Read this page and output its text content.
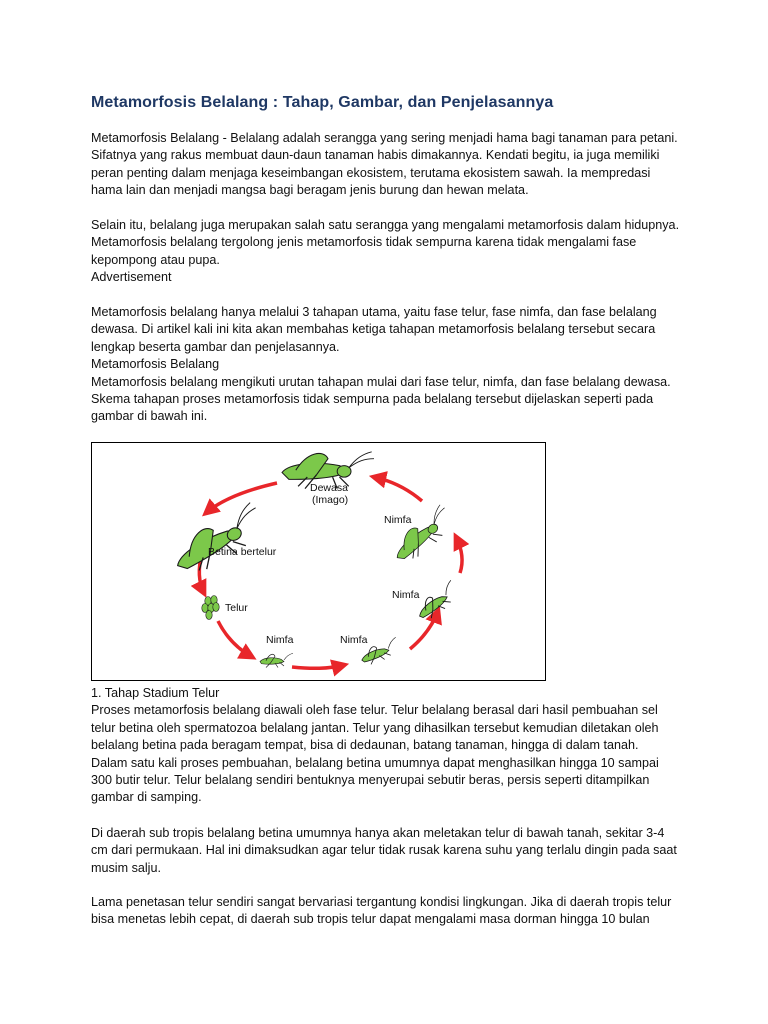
Metamorfosis Belalang : Tahap, Gambar, dan Penjelasannya

Metamorfosis Belalang - Belalang adalah serangga yang sering menjadi hama bagi tanaman para petani.
Sifatnya yang rakus membuat daun-daun tanaman habis dimakannya. Kendati begitu, ia juga memiliki
peran penting dalam menjaga keseimbangan ekosistem, terutama ekosistem sawah. Ia mempredasi
hama lain dan menjadi mangsa bagi beragam jenis burung dan hewan melata.

Selain itu, belalang juga merupakan salah satu serangga yang mengalami metamorfosis dalam hidupnya.
Metamorfosis belalang tergolong jenis metamorfosis tidak sempurna karena tidak mengalami fase
kepompong atau pupa.
Advertisement

Metamorfosis belalang hanya melalui 3 tahapan utama, yaitu fase telur, fase nimfa, dan fase belalang
dewasa. Di artikel kali ini kita akan membahas ketiga tahapan metamorfosis belalang tersebut secara
lengkap beserta gambar dan penjelasannya.
Metamorfosis Belalang
Metamorfosis belalang mengikuti urutan tahapan mulai dari fase telur, nimfa, dan fase belalang dewasa.
Skema tahapan proses metamorfosis tidak sempurna pada belalang tersebut dijelaskan seperti pada
gambar di bawah ini.

Dewasa
(Imago)
Betina bertelur
Telur
Nimfa	Nimfa
Nimfa
Nimfa

1. Tahap Stadium Telur
Proses metamorfosis belalang diawali oleh fase telur. Telur belalang berasal dari hasil pembuahan sel
telur betina oleh spermatozoa belalang jantan. Telur yang dihasilkan tersebut kemudian diletakan oleh
belalang betina pada beragam tempat, bisa di dedaunan, batang tanaman, hingga di dalam tanah.
Dalam satu kali proses pembuahan, belalang betina umumnya dapat menghasilkan hingga 10 sampai
300 butir telur. Telur belalang sendiri bentuknya menyerupai sebutir beras, persis seperti ditampilkan
gambar di samping.

Di daerah sub tropis belalang betina umumnya hanya akan meletakan telur di bawah tanah, sekitar 3-4
cm dari permukaan. Hal ini dimaksudkan agar telur tidak rusak karena suhu yang terlalu dingin pada saat
musim salju.

Lama penetasan telur sendiri sangat bervariasi tergantung kondisi lingkungan. Jika di daerah tropis telur
bisa menetas lebih cepat, di daerah sub tropis telur dapat mengalami masa dorman hingga 10 bulan
